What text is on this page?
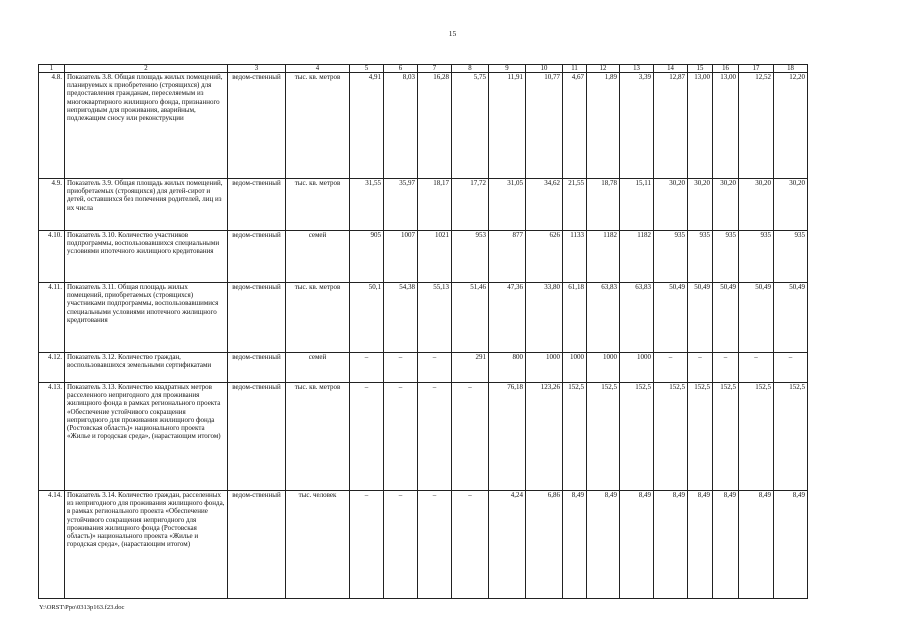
15
1	2	3	4	5	6	7	8	9	10	11	12	13	14	15	16	17	18
4.8.	Показатель 3.8. Общая площадь жилых помещений, планируемых к приобретению (строящихся) для предоставления гражданам, переселяемым из многоквартирного жилищного фонда, признанного непригодным для проживания, аварийным, подлежащим сносу или реконструкции	ведом-ственный	тыс. кв. метров	4,91	8,03	16,28	5,75	11,91	10,77	4,67	1,89	3,39	12,87	13,00	13,00	12,52	12,20
4.9.	Показатель 3.9. Общая площадь жилых помещений, приобретаемых (строящихся) для детей-сирот и детей, оставшихся без попечения родителей, лиц из их числа	ведом-ственный	тыс. кв. метров	31,55	35,97	18,17	17,72	31,05	34,62	21,55	18,78	15,11	30,20	30,20	30,20	30,20	30,20
4.10.	Показатель 3.10. Количество участников подпрограммы, воспользовавшихся специальными условиями ипотечного жилищного кредитования	ведом-ственный	семей	905	1007	1021	953	877	626	1133	1182	1182	935	935	935	935	935
4.11.	Показатель 3.11. Общая площадь жилых помещений, приобретаемых (строящихся) участниками подпрограммы, воспользовавшимися специальными условиями ипотечного жилищного кредитования	ведом-ственный	тыс. кв. метров	50,1	54,38	55,13	51,46	47,36	33,80	61,18	63,83	63,83	50,49	50,49	50,49	50,49	50,49
4.12.	Показатель 3.12. Количество граждан, воспользовавшихся земельными сертификатами	ведом-ственный	семей	–	–	–	291	800	1000	1000	1000	1000	–	–	–	–	–
4.13.	Показатель 3.13. Количество квадратных метров расселенного непригодного для проживания жилищного фонда в рамках регионального проекта «Обеспечение устойчивого сокращения непригодного для проживания жилищного фонда (Ростовская область)» национального проекта «Жилье и городская среда», (нарастающим итогом)	ведом-ственный	тыс. кв. метров	–	–	–	–	76,18	123,26	152,5	152,5	152,5	152,5	152,5	152,5	152,5	152,5
4.14.	Показатель 3.14. Количество граждан, расселенных из непригодного для проживания жилищного фонда, в рамках регионального проекта «Обеспечение устойчивого сокращения непригодного для проживания жилищного фонда (Ростовская область)» национального проекта «Жилье и городская среда», (нарастающим итогом)	ведом-ственный	тыс. человек	–	–	–	–	4,24	6,86	8,49	8,49	8,49	8,49	8,49	8,49	8,49	8,49
Y:\ORST\Ppo\0313p163.f23.doc
